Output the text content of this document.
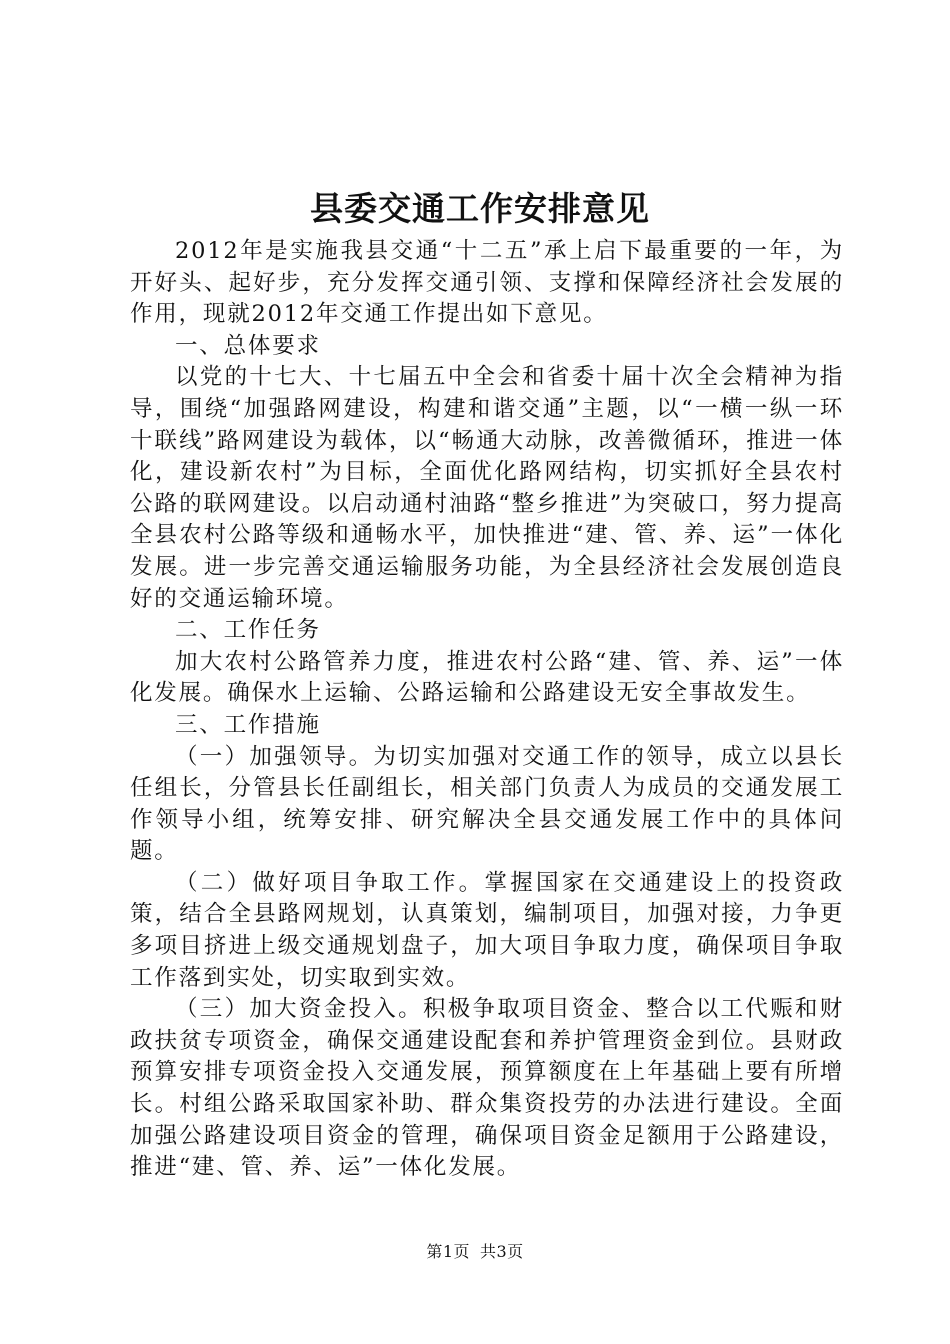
县委交通工作安排意见

2012年是实施我县交通“十二五”承上启下最重要的一年，为开好头、起好步，充分发挥交通引领、支撑和保障经济社会发展的作用，现就2012年交通工作提出如下意见。

一、总体要求

以党的十七大、十七届五中全会和省委十届十次全会精神为指导，围绕“加强路网建设，构建和谐交通”主题，以“一横一纵一环十联线”路网建设为载体，以“畅通大动脉，改善微循环，推进一体化，建设新农村”为目标，全面优化路网结构，切实抓好全县农村公路的联网建设。以启动通村油路“整乡推进”为突破口，努力提高全县农村公路等级和通畅水平，加快推进“建、管、养、运”一体化发展。进一步完善交通运输服务功能，为全县经济社会发展创造良好的交通运输环境。

二、工作任务

加大农村公路管养力度，推进农村公路“建、管、养、运”一体化发展。确保水上运输、公路运输和公路建设无安全事故发生。

三、工作措施

（一）加强领导。为切实加强对交通工作的领导，成立以县长任组长，分管县长任副组长，相关部门负责人为成员的交通发展工作领导小组，统筹安排、研究解决全县交通发展工作中的具体问题。

（二）做好项目争取工作。掌握国家在交通建设上的投资政策，结合全县路网规划，认真策划，编制项目，加强对接，力争更多项目挤进上级交通规划盘子，加大项目争取力度，确保项目争取工作落到实处，切实取到实效。

（三）加大资金投入。积极争取项目资金、整合以工代赈和财政扶贫专项资金，确保交通建设配套和养护管理资金到位。县财政预算安排专项资金投入交通发展，预算额度在上年基础上要有所增长。村组公路采取国家补助、群众集资投劳的办法进行建设。全面加强公路建设项目资金的管理，确保项目资金足额用于公路建设，推进“建、管、养、运”一体化发展。

第1页 共3页
